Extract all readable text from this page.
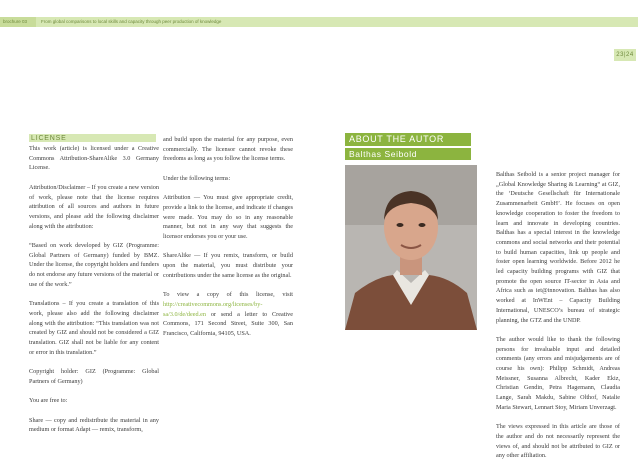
brochure 03	From global comparisons to local skills and capacity through peer production of knowledge
23|24
LICENSE

This work (article) is licensed under a Creative Commons Attribution-ShareAlike 3.0 Germany License.

Attribution/Disclaimer – If you create a new version of work, please note that the license requires attribution of all sources and authors in future versions, and please add the following disclaimer along with the attribution:

“Based on work developed by GIZ (Programme: Global Partners of Germany) funded by BMZ. Under the license, the copyright holders and funders do not endorse any future versions of the material or use of the work.”

Translations – If you create a translation of this work, please also add the following disclaimer along with the attribution: “This translation was not created by GIZ and should not be considered a GIZ translation. GIZ shall not be liable for any content or error in this translation.”

Copyright holder: GIZ (Programme: Global Partners of Germany)

You are free to:

Share — copy and redistribute the material in any medium or format Adapt — remix, transform,

and build upon the material for any purpose, even commercially. The licensor cannot revoke these freedoms as long as you follow the license terms.

Under the following terms:

Attribution — You must give appropriate credit, provide a link to the license, and indicate if changes were made. You may do so in any reasonable manner, but not in any way that suggests the licensor endorses you or your use.

ShareAlike — If you remix, transform, or build upon the material, you must distribute your contributions under the same license as the original.

To view a copy of this license, visit http://creativecommons.org/licenses/by-sa/3.0/de/deed.en or send a letter to Creative Commons, 171 Second Street, Suite 300, San Francisco, California, 94105, USA.

ABOUT THE AUTOR
Balthas Seibold

Balthas Seibold is a senior project manager for „Global Knowledge Sharing & Learning“ at GIZ, the ‘Deutsche Gesellschaft für Internationale Zusammenarbeit GmbH’. He focuses on open knowledge cooperation to foster the freedom to learn and innovate in developing countries. Balthas has a special interest in the knowledge commons and social networks and their potential to build human capacities, link up people and foster open learning worldwide. Before 2012 he led capacity building programs with GIZ that promote the open source IT-sector in Asia and Africa such as iet@innovation. Balthas has also worked at InWEnt – Capacity Building International, UNESCO’s bureau of strategic planning, the GTZ and the UNDP.

The author would like to thank the following persons for invaluable input and detailed comments (any errors and misjudgements are of course his own): Philipp Schmidt, Andreas Meissner, Susanna Albrecht, Kader Ekiz, Christian Gendin, Petra Hagemann, Claudia Lange, Sarah Makdu, Sabine Olthof, Natalie Maria Stewart, Lennart Stoy, Miriam Unverzagt.

The views expressed in this article are those of the author and do not necessarily represent the views of, and should not be attributed to GIZ or any other affiliation.
